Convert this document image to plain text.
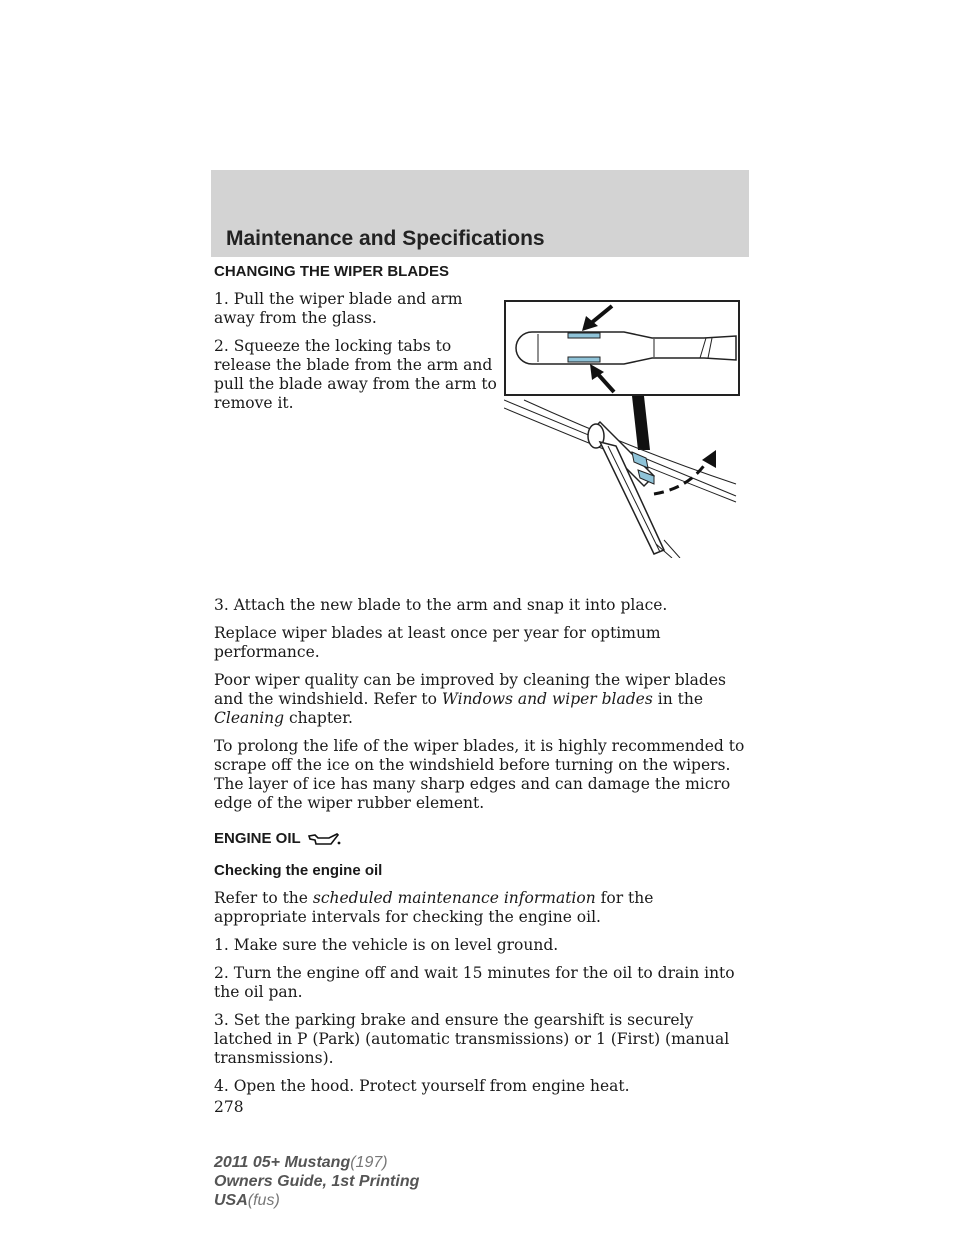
Maintenance and Specifications

CHANGING THE WIPER BLADES

1. Pull the wiper blade and arm away from the glass.

2. Squeeze the locking tabs to release the blade from the arm and pull the blade away from the arm to remove it.

3. Attach the new blade to the arm and snap it into place.

Replace wiper blades at least once per year for optimum performance.

Poor wiper quality can be improved by cleaning the wiper blades and the windshield. Refer to Windows and wiper blades in the Cleaning chapter.

To prolong the life of the wiper blades, it is highly recommended to scrape off the ice on the windshield before turning on the wipers. The layer of ice has many sharp edges and can damage the micro edge of the wiper rubber element.

ENGINE OIL

Checking the engine oil

Refer to the scheduled maintenance information for the appropriate intervals for checking the engine oil.

1. Make sure the vehicle is on level ground.

2. Turn the engine off and wait 15 minutes for the oil to drain into the oil pan.

3. Set the parking brake and ensure the gearshift is securely latched in P (Park) (automatic transmissions) or 1 (First) (manual transmissions).

4. Open the hood. Protect yourself from engine heat.

278
2011 05+ Mustang(197)
Owners Guide, 1st Printing
USA(fus)
